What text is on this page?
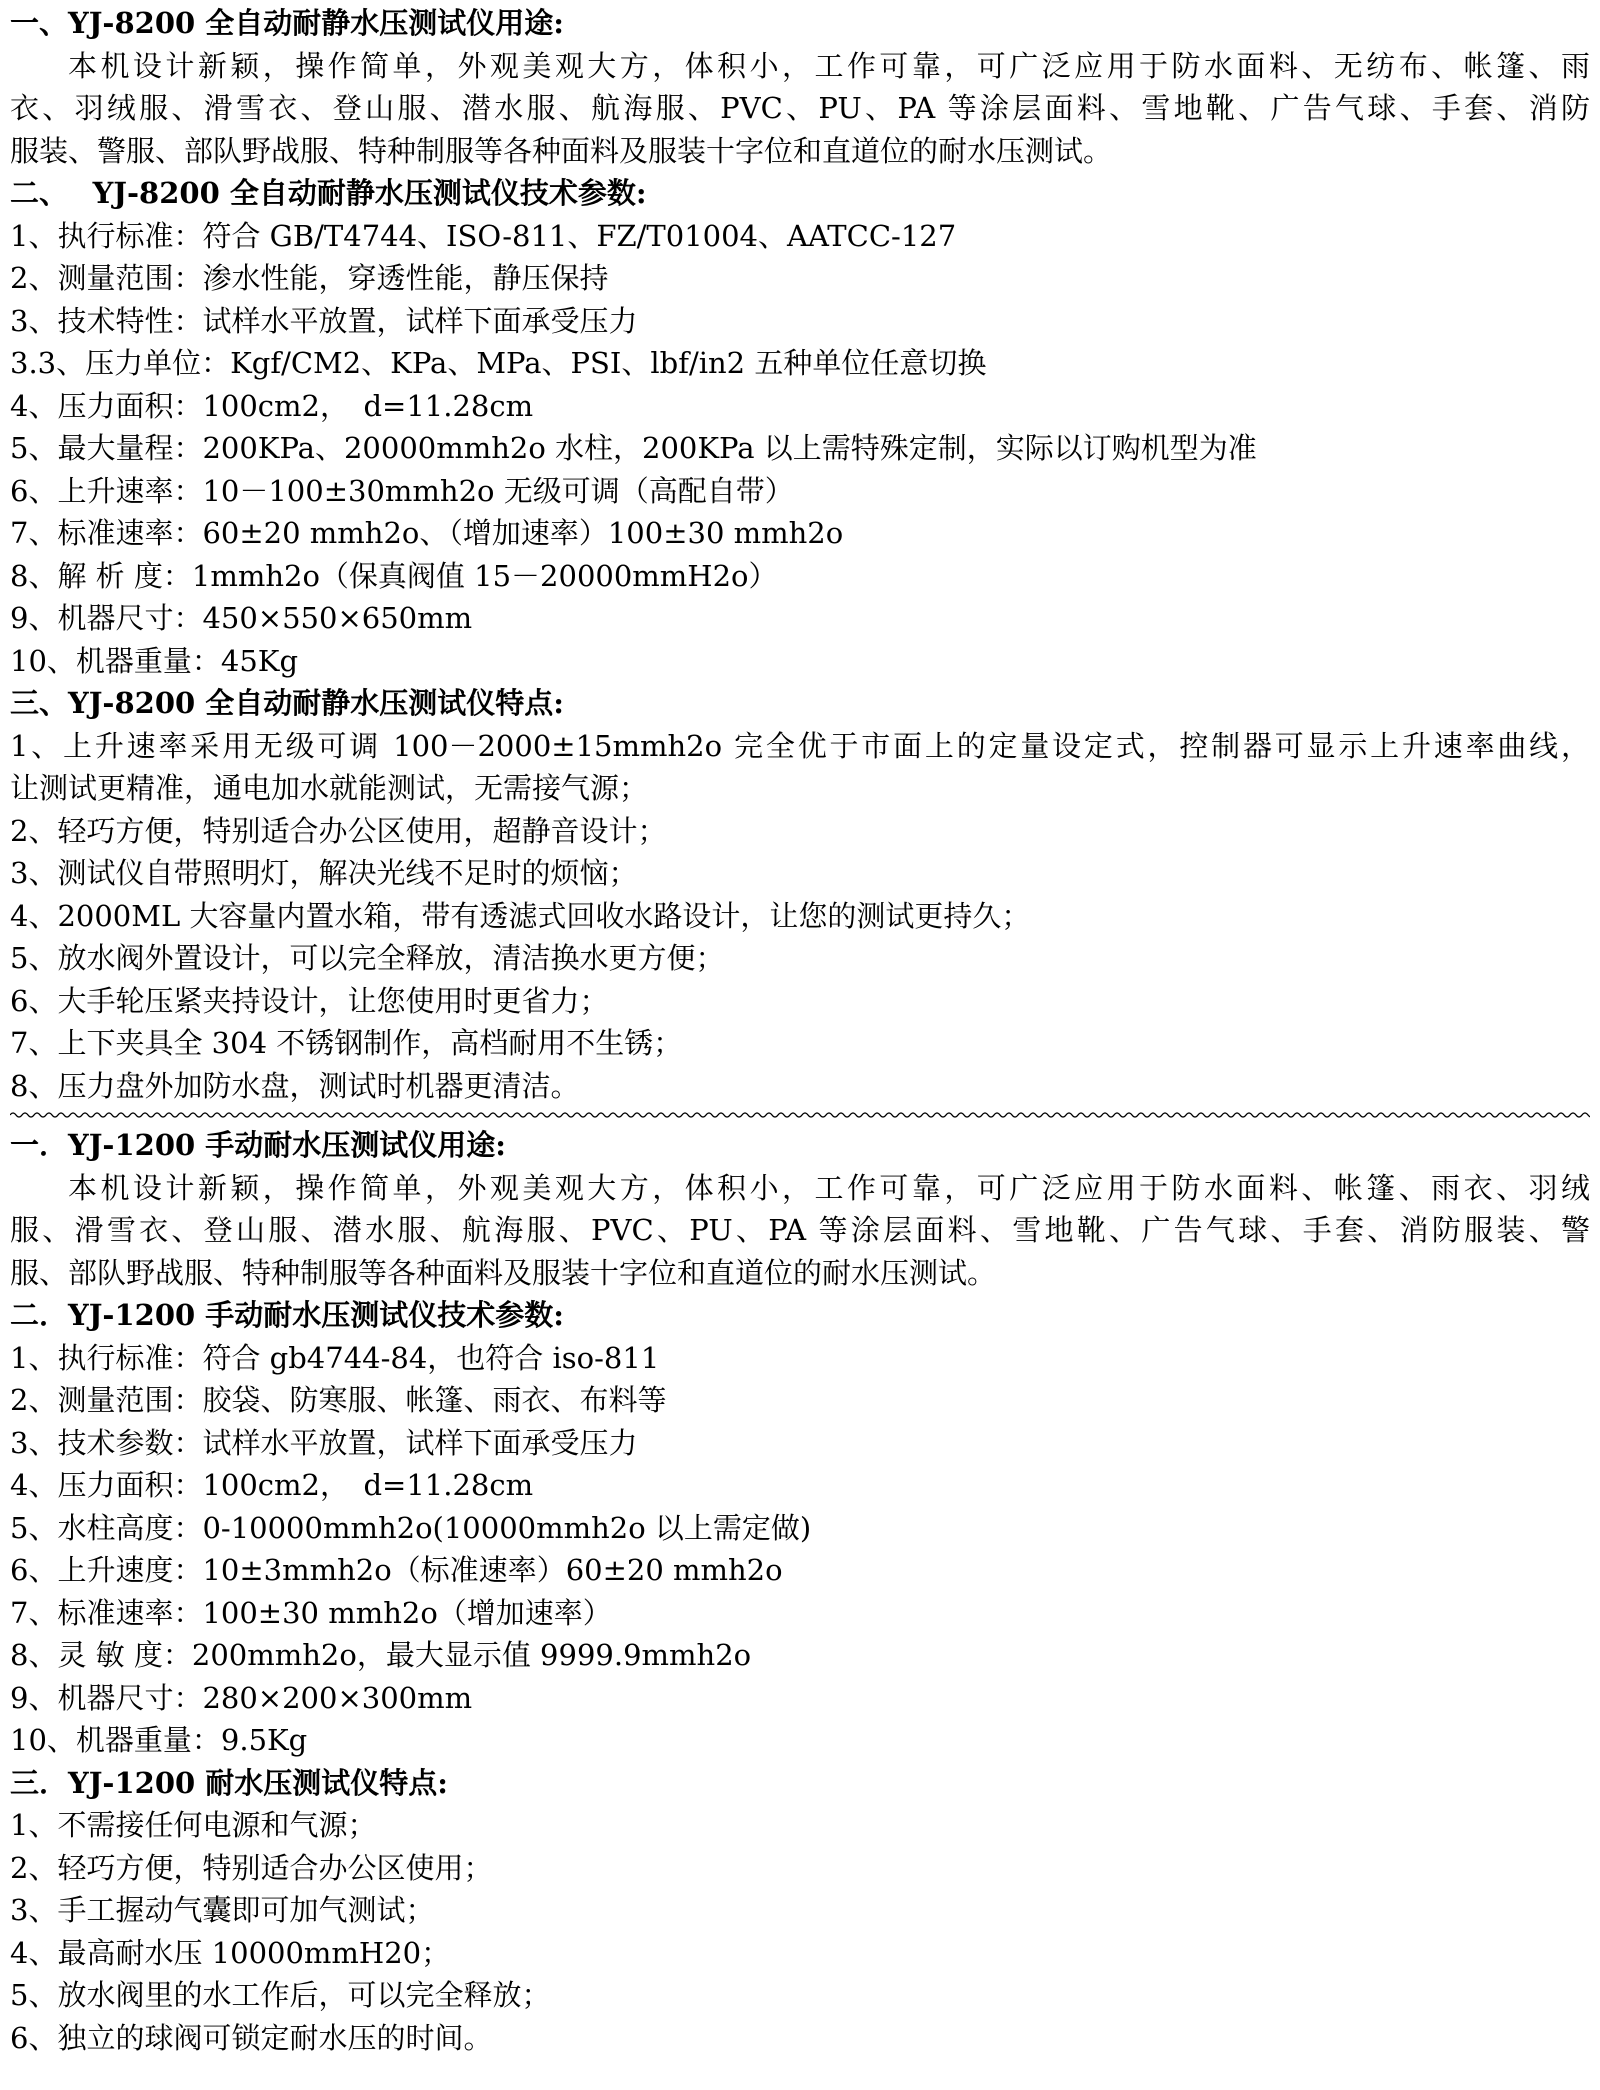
一、YJ-8200 全自动耐静水压测试仪用途:
本机设计新颖，操作简单，外观美观大方，体积小，工作可靠，可广泛应用于防水面料、无纺布、帐篷、雨
衣、羽绒服、滑雪衣、登山服、潜水服、航海服、PVC、PU、PA 等涂层面料、雪地靴、广告气球、手套、消防
服装、警服、部队野战服、特种制服等各种面料及服装十字位和直道位的耐水压测试。
二、　 YJ-8200 全自动耐静水压测试仪技术参数:
1、执行标准：符合 GB/T4744、ISO-811、FZ/T01004、AATCC-127
2、测量范围：渗水性能，穿透性能，静压保持
3、技术特性：试样水平放置，试样下面承受压力
3.3、压力单位：Kgf/CM2、KPa、MPa、PSI、lbf/in2 五种单位任意切换
4、压力面积：100cm2，　d=11.28cm
5、最大量程：200KPa、20000mmh2o 水柱，200KPa 以上需特殊定制，实际以订购机型为准
6、上升速率：10－100±30mmh2o 无级可调（高配自带）
7、标准速率：60±20 mmh2o、（增加速率）100±30 mmh2o
8、解 析 度：1mmh2o（保真阀值 15－20000mmH2o）
9、机器尺寸：450×550×650mm
10、机器重量：45Kg
三、YJ-8200 全自动耐静水压测试仪特点:
1、上升速率采用无级可调 100－2000±15mmh2o 完全优于市面上的定量设定式，控制器可显示上升速率曲线，
让测试更精准，通电加水就能测试，无需接气源；
2、轻巧方便，特别适合办公区使用，超静音设计；
3、测试仪自带照明灯，解决光线不足时的烦恼；
4、2000ML 大容量内置水箱，带有透滤式回收水路设计，让您的测试更持久；
5、放水阀外置设计，可以完全释放，清洁换水更方便；
6、大手轮压紧夹持设计，让您使用时更省力；
7、上下夹具全 304 不锈钢制作，高档耐用不生锈；
8、压力盘外加防水盘，测试时机器更清洁。
一．YJ-1200 手动耐水压测试仪用途:
本机设计新颖，操作简单，外观美观大方，体积小，工作可靠，可广泛应用于防水面料、帐篷、雨衣、羽绒
服、滑雪衣、登山服、潜水服、航海服、PVC、PU、PA 等涂层面料、雪地靴、广告气球、手套、消防服装、警
服、部队野战服、特种制服等各种面料及服装十字位和直道位的耐水压测试。
二．YJ-1200 手动耐水压测试仪技术参数:
1、执行标准：符合 gb4744-84，也符合 iso-811
2、测量范围：胶袋、防寒服、帐篷、雨衣、布料等
3、技术参数：试样水平放置，试样下面承受压力
4、压力面积：100cm2，　d=11.28cm
5、水柱高度：0-10000mmh2o(10000mmh2o 以上需定做)
6、上升速度：10±3mmh2o（标准速率）60±20 mmh2o
7、标准速率：100±30 mmh2o（增加速率）
8、灵 敏 度：200mmh2o，最大显示值 9999.9mmh2o
9、机器尺寸：280×200×300mm
10、机器重量：9.5Kg
三．YJ-1200 耐水压测试仪特点:
1、不需接任何电源和气源；
2、轻巧方便，特别适合办公区使用；
3、手工握动气囊即可加气测试；
4、最高耐水压 10000mmH20；
5、放水阀里的水工作后，可以完全释放；
6、独立的球阀可锁定耐水压的时间。
